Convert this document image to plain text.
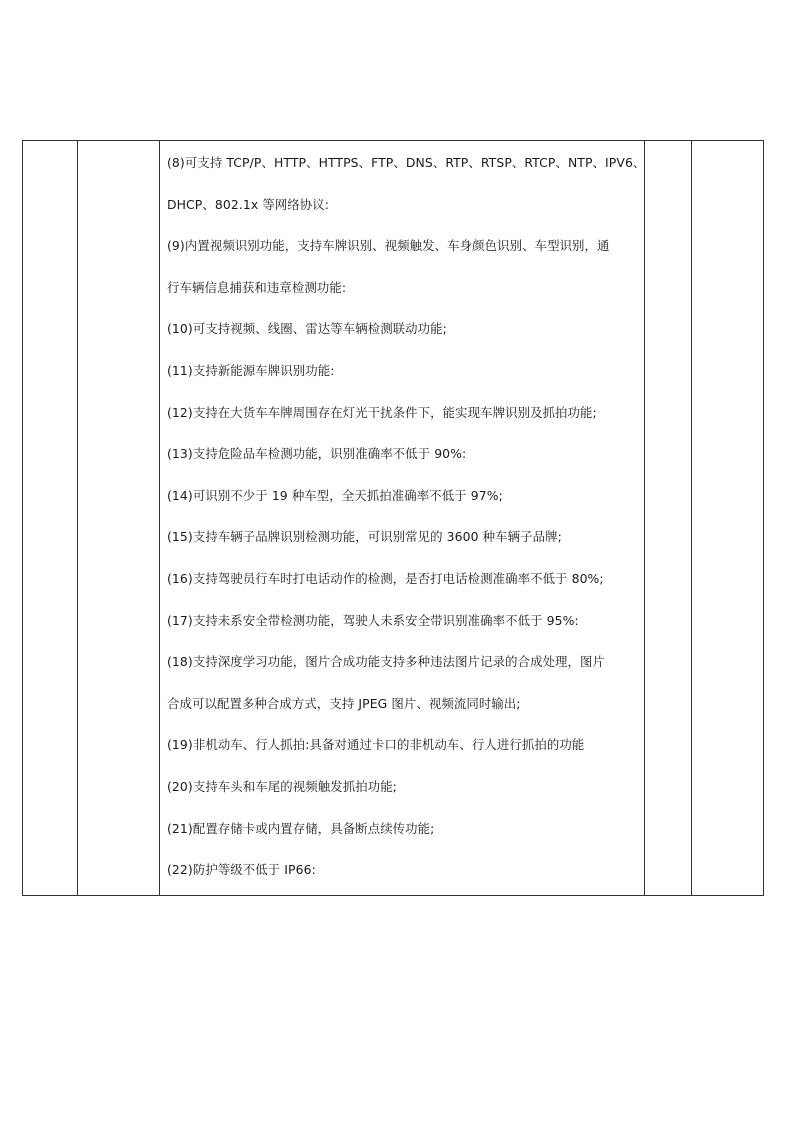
(8)可支持 TCP/P、HTTP、HTTPS、FTP、DNS、RTP、RTSP、RTCP、NTP、IPV6、
DHCP、802.1x 等网络协议:
(9)内置视频识别功能，支持车牌识别、视频触发、车身颜色识别、车型识别，通
行车辆信息捕获和违章检测功能:
(10)可支持视频、线圈、雷达等车辆检测联动功能;
(11)支持新能源车牌识别功能:
(12)支持在大货车车牌周围存在灯光干扰条件下，能实现车牌识别及抓拍功能;
(13)支持危险品车检测功能，识别准确率不低于 90%:
(14)可识别不少于 19 种车型，全天抓拍准确率不低于 97%;
(15)支持车辆子品牌识别检测功能，可识别常见的 3600 种车辆子品牌;
(16)支持驾驶员行车时打电话动作的检测，是否打电话检测准确率不低于 80%;
(17)支持未系安全带检测功能，驾驶人未系安全带识别准确率不低于 95%:
(18)支持深度学习功能，图片合成功能支持多种违法图片记录的合成处理，图片
合成可以配置多种合成方式，支持 JPEG 图片、视频流同时输出;
(19)非机动车、行人抓拍:具备对通过卡口的非机动车、行人进行抓拍的功能
(20)支持车头和车尾的视频触发抓拍功能;
(21)配置存储卡或内置存储，具备断点续传功能;
(22)防护等级不低于 IP66:
